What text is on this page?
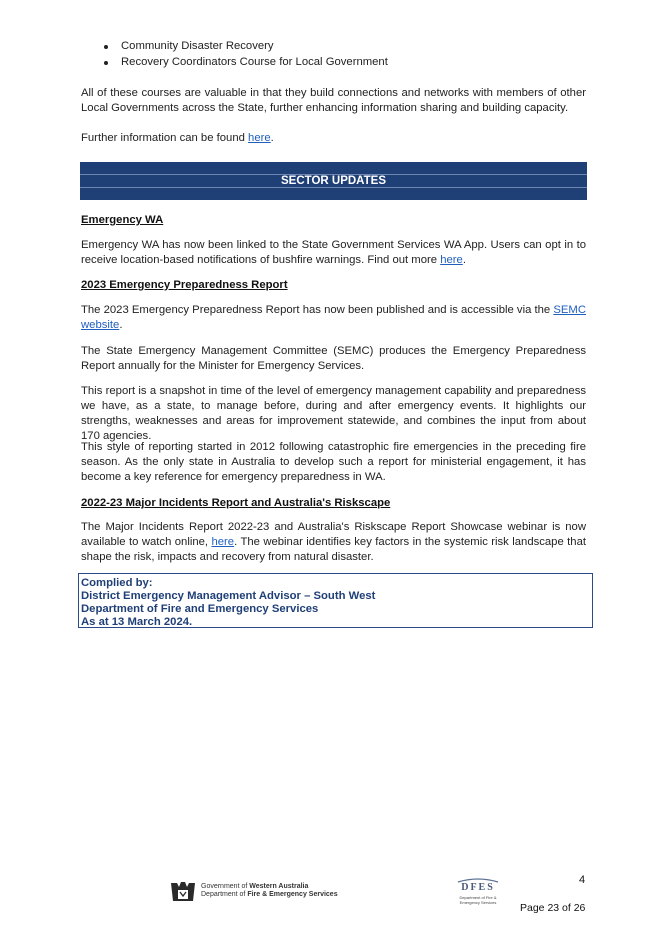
Community Disaster Recovery
Recovery Coordinators Course for Local Government
All of these courses are valuable in that they build connections and networks with members of other Local Governments across the State, further enhancing information sharing and building capacity.
Further information can be found here.
SECTOR UPDATES
Emergency WA
Emergency WA has now been linked to the State Government Services WA App. Users can opt in to receive location-based notifications of bushfire warnings. Find out more here.
2023 Emergency Preparedness Report
The 2023 Emergency Preparedness Report has now been published and is accessible via the SEMC website.
The State Emergency Management Committee (SEMC) produces the Emergency Preparedness Report annually for the Minister for Emergency Services.
This report is a snapshot in time of the level of emergency management capability and preparedness we have, as a state, to manage before, during and after emergency events. It highlights our strengths, weaknesses and areas for improvement statewide, and combines the input from about 170 agencies.
This style of reporting started in 2012 following catastrophic fire emergencies in the preceding fire season. As the only state in Australia to develop such a report for ministerial engagement, it has become a key reference for emergency preparedness in WA.
2022-23 Major Incidents Report and Australia's Riskscape
The Major Incidents Report 2022-23 and Australia's Riskscape Report Showcase webinar is now available to watch online, here. The webinar identifies key factors in the systemic risk landscape that shape the risk, impacts and recovery from natural disaster.
Complied by:
District Emergency Management Advisor – South West
Department of Fire and Emergency Services
As at 13 March 2024.
Government of Western Australia
Department of Fire & Emergency Services
DFES
Department of Fire &
Emergency Services
4
Page 23 of 26
